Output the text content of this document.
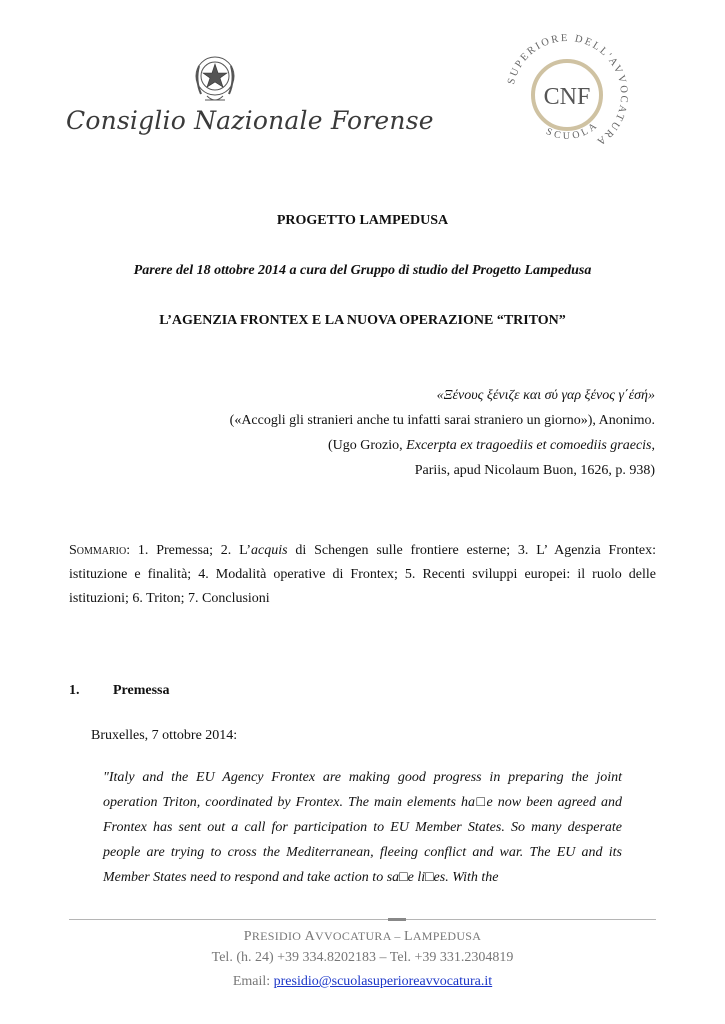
Consiglio Nazionale Forense
CNF
SUPERIORE DELL'AVVOCATURA
SCUOLA
PROGETTO LAMPEDUSA
Parere del 18 ottobre 2014 a cura del Gruppo di studio del Progetto Lampedusa
L’AGENZIA FRONTEX E LA NUOVA OPERAZIONE “TRITON”
«Ξένους ξένιζε και σύ γαρ ξένος γ΄έσή»
(«Accogli gli stranieri anche tu infatti sarai straniero un giorno»), Anonimo.
(Ugo Grozio, Excerpta ex tragoediis et comoediis graecis,
Pariis, apud Nicolaum Buon, 1626, p. 938)
Sommario: 1. Premessa; 2. L’acquis di Schengen sulle frontiere esterne; 3. L’ Agenzia Frontex: istituzione e finalità; 4. Modalità operative di Frontex; 5. Recenti sviluppi europei: il ruolo delle istituzioni; 6. Triton; 7. Conclusioni
1. Premessa
Bruxelles, 7 ottobre 2014:
"Italy and the EU Agency Frontex are making good progress in preparing the joint operation Triton, coordinated by Frontex. The main elements ha□e now been agreed and Frontex has sent out a call for participation to EU Member States. So many desperate people are trying to cross the Mediterranean, fleeing conflict and war. The EU and its Member States need to respond and take action to sa□e li□es. With the
PRESIDIO AVVOCATURA – LAMPEDUSA
Tel. (h. 24) +39 334.8202183 – Tel. +39 331.2304819
Email: presidio@scuolasuperioreavvocatura.it
